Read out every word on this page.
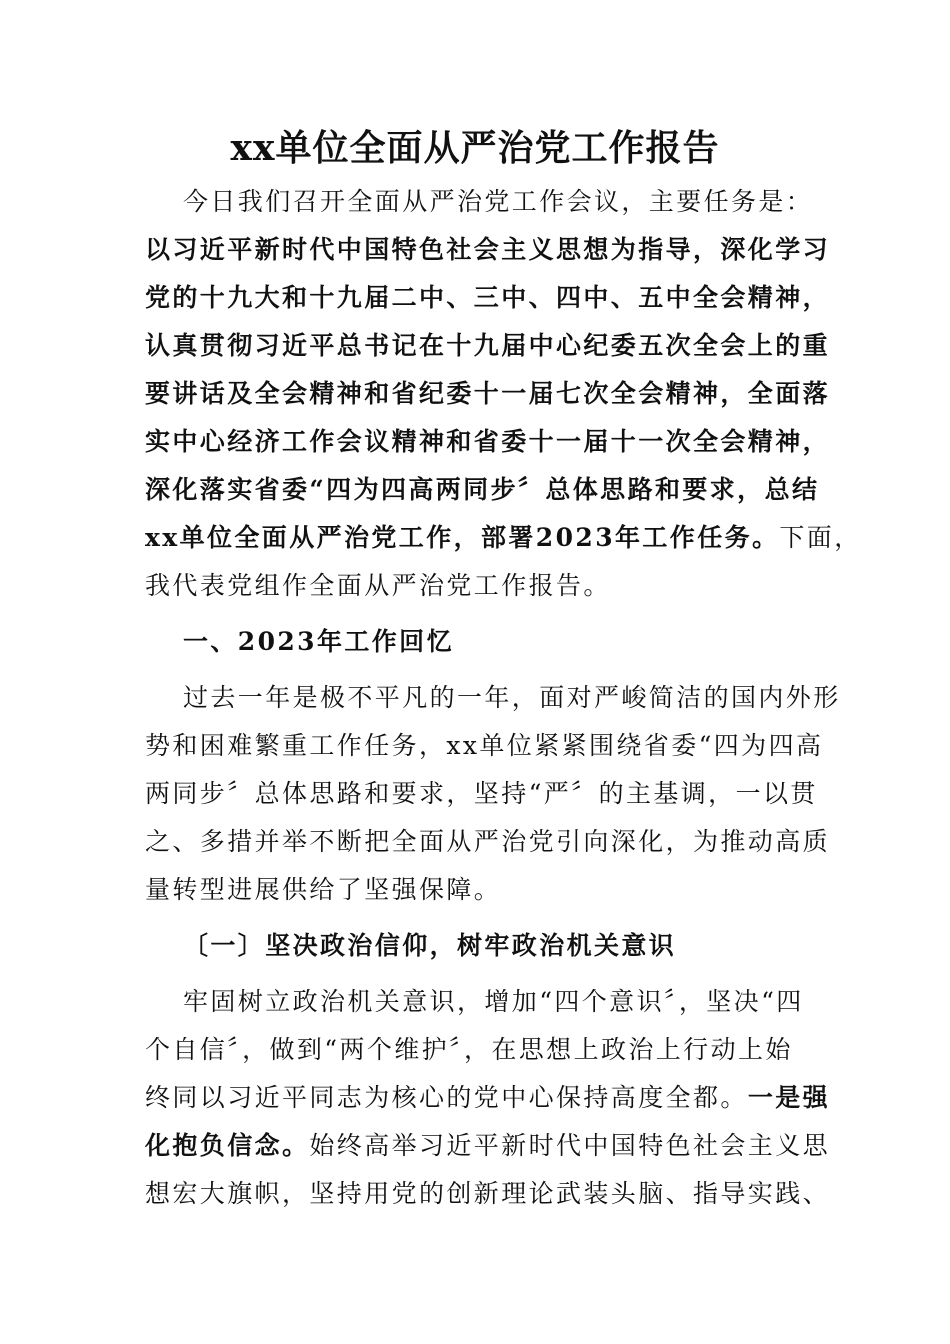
xx单位全面从严治党工作报告
今日我们召开全面从严治党工作会议，主要任务是：
以习近平新时代中国特色社会主义思想为指导，深化学习
党的十九大和十九届二中、三中、四中、五中全会精神，
认真贯彻习近平总书记在十九届中心纪委五次全会上的重
要讲话及全会精神和省纪委十一届七次全会精神，全面落
实中心经济工作会议精神和省委十一届十一次全会精神，
深化落实省委“四为四高两同步〞总体思路和要求，总结
xx单位全面从严治党工作，部署2023年工作任务。下面，
我代表党组作全面从严治党工作报告。
一、2023年工作回忆
过去一年是极不平凡的一年，面对严峻简洁的国内外形
势和困难繁重工作任务，xx单位紧紧围绕省委“四为四高
两同步〞总体思路和要求，坚持“严〞的主基调，一以贯
之、多措并举不断把全面从严治党引向深化，为推动高质
量转型进展供给了坚强保障。
〔一〕坚决政治信仰，树牢政治机关意识
牢固树立政治机关意识，增加“四个意识〞，坚决“四
个自信〞，做到“两个维护〞，在思想上政治上行动上始
终同以习近平同志为核心的党中心保持高度全都。一是强
化抱负信念。始终高举习近平新时代中国特色社会主义思
想宏大旗帜，坚持用党的创新理论武装头脑、指导实践、
